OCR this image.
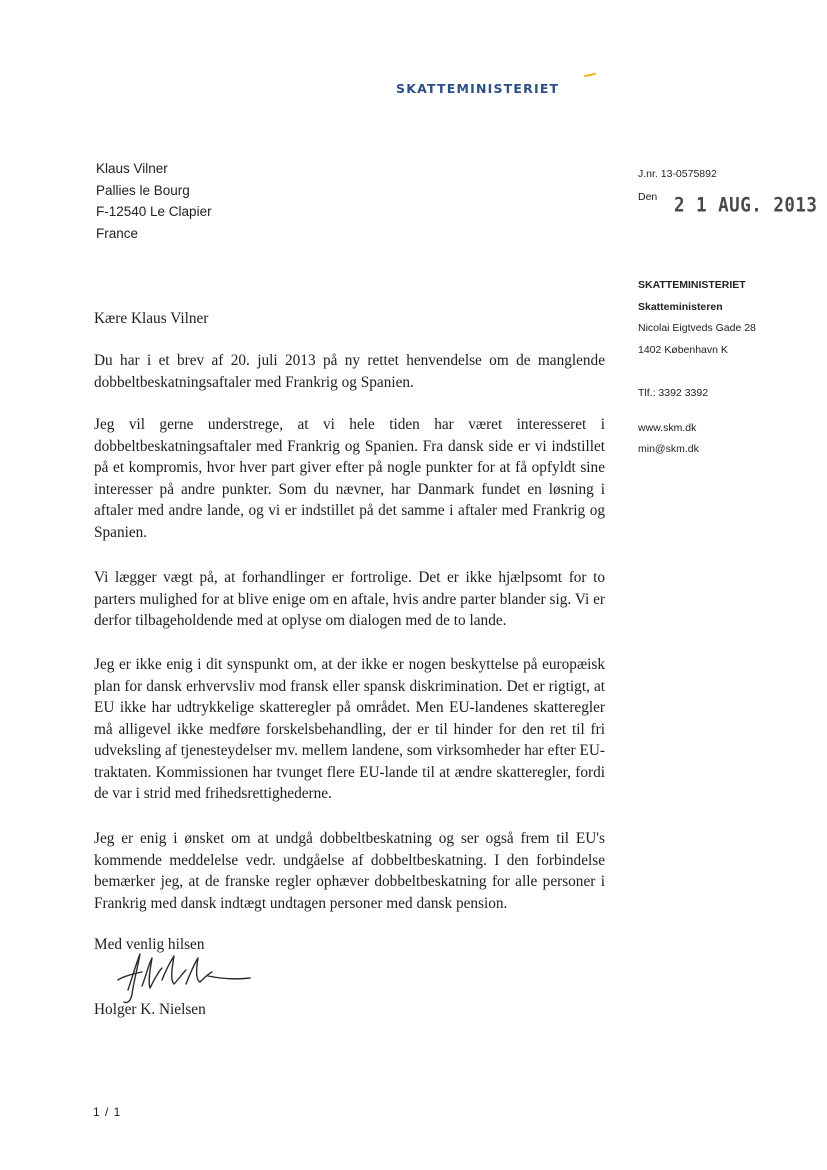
SKATTEMINISTERIET
Klaus Vilner
Pallies le Bourg
F-12540 Le Clapier
France
J.nr. 13-0575892
Den 2 1 AUG. 2013
SKATTEMINISTERIET
Skatteministeren
Nicolai Eigtveds Gade 28
1402 København K
Tlf.: 3392 3392
www.skm.dk
min@skm.dk
Kære Klaus Vilner
Du har i et brev af 20. juli 2013 på ny rettet henvendelse om de manglende dobbeltbeskatningsaftaler med Frankrig og Spanien.
Jeg vil gerne understrege, at vi hele tiden har været interesseret i dobbeltbeskatningsaftaler med Frankrig og Spanien. Fra dansk side er vi indstillet på et kompromis, hvor hver part giver efter på nogle punkter for at få opfyldt sine interesser på andre punkter. Som du nævner, har Danmark fundet en løsning i aftaler med andre lande, og vi er indstillet på det samme i aftaler med Frankrig og Spanien.
Vi lægger vægt på, at forhandlinger er fortrolige. Det er ikke hjælpsomt for to parters mulighed for at blive enige om en aftale, hvis andre parter blander sig. Vi er derfor tilbageholdende med at oplyse om dialogen med de to lande.
Jeg er ikke enig i dit synspunkt om, at der ikke er nogen beskyttelse på europæisk plan for dansk erhvervsliv mod fransk eller spansk diskrimination. Det er rigtigt, at EU ikke har udtrykkelige skatteregler på området. Men EU-landenes skatteregler må alligevel ikke medføre forskelsbehandling, der er til hinder for den ret til fri udveksling af tjenesteydelser mv. mellem landene, som virksomheder har efter EU-traktaten. Kommissionen har tvunget flere EU-lande til at ændre skatteregler, fordi de var i strid med frihedsrettighederne.
Jeg er enig i ønsket om at undgå dobbeltbeskatning og ser også frem til EU's kommende meddelelse vedr. undgåelse af dobbeltbeskatning. I den forbindelse bemærker jeg, at de franske regler ophæver dobbeltbeskatning for alle personer i Frankrig med dansk indtægt undtagen personer med dansk pension.
Med venlig hilsen
Holger K. Nielsen
1 / 1
